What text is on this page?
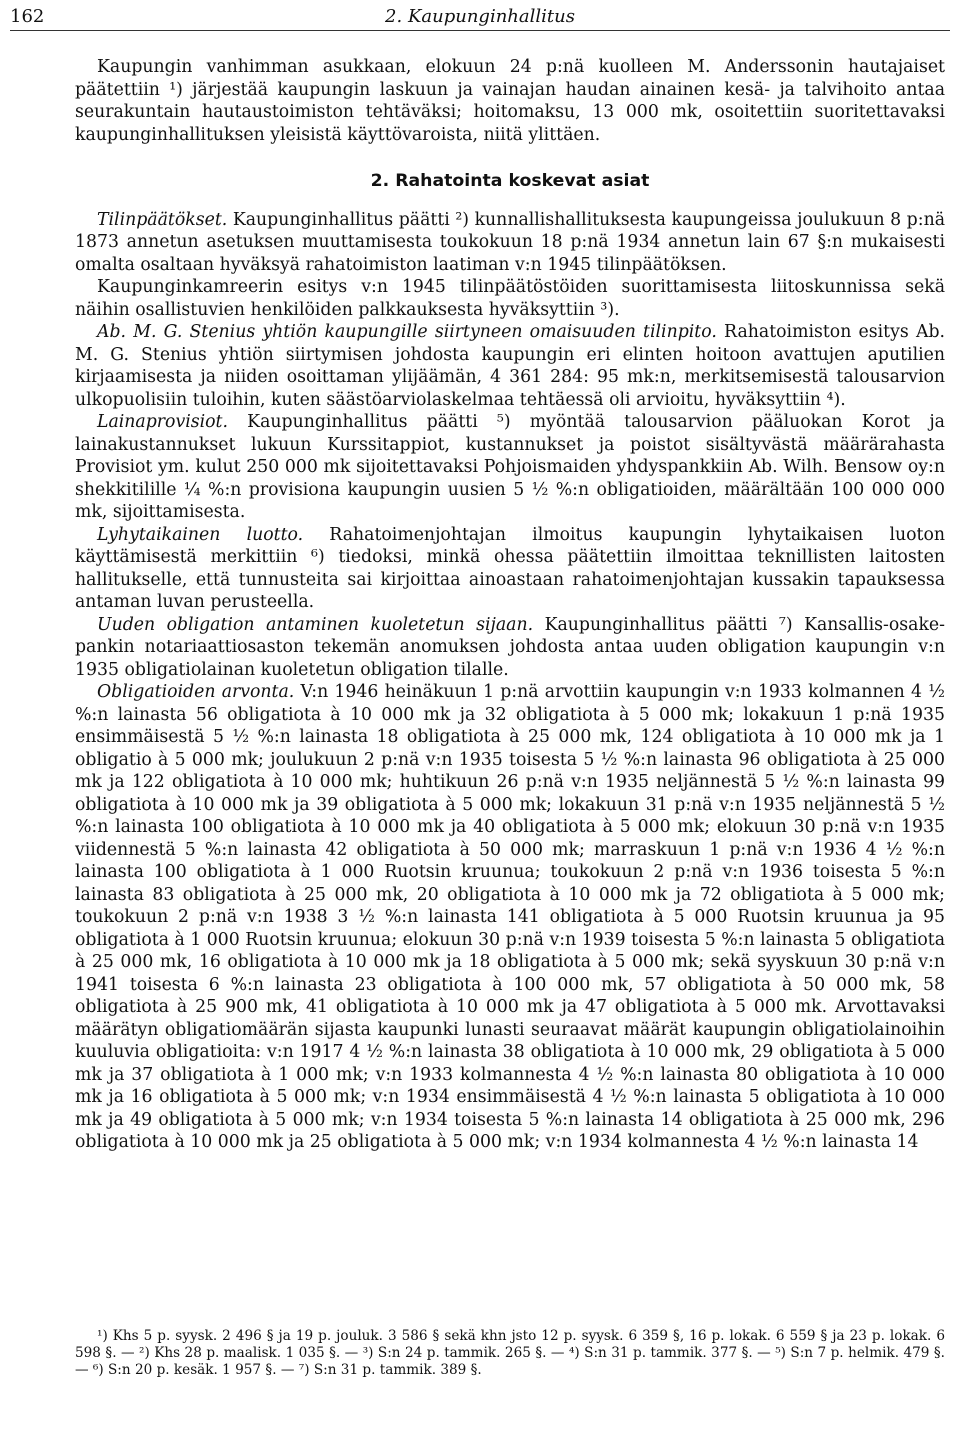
162	2. Kaupunginhallitus

Kaupungin vanhimman asukkaan, elokuun 24 p:nä kuolleen M. Anderssonin hautajaiset päätettiin ¹) järjestää kaupungin laskuun ja vainajan haudan ainainen kesä- ja talvihoito antaa seurakuntain hautaustoimiston tehtäväksi; hoitomaksu, 13 000 mk, osoitettiin suoritettavaksi kaupunginhallituksen yleisistä käyttövaroista, niitä ylittäen.

2. Rahatointa koskevat asiat

Tilinpäätökset. Kaupunginhallitus päätti ²) kunnallishallituksesta kaupungeissa joulukuun 8 p:nä 1873 annetun asetuksen muuttamisesta toukokuun 18 p:nä 1934 annetun lain 67 §:n mukaisesti omalta osaltaan hyväksyä rahatoimiston laatiman v:n 1945 tilinpäätöksen.

Kaupunginkamreerin esitys v:n 1945 tilinpäätöstöiden suorittamisesta liitoskunnissa sekä näihin osallistuvien henkilöiden palkkauksesta hyväksyttiin ³).

Ab. M. G. Stenius yhtiön kaupungille siirtyneen omaisuuden tilinpito. Rahatoimiston esitys Ab. M. G. Stenius yhtiön siirtymisen johdosta kaupungin eri elinten hoitoon avattujen aputilien kirjaamisesta ja niiden osoittaman ylijäämän, 4 361 284: 95 mk:n, merkitsemisestä talousarvion ulkopuolisiin tuloihin, kuten säästöarviolaskelmaa tehtäessä oli arvioitu, hyväksyttiin ⁴).

Lainaprovisiot. Kaupunginhallitus päätti ⁵) myöntää talousarvion pääluokan Korot ja lainakustannukset lukuun Kurssitappiot, kustannukset ja poistot sisältyvästä määrärahasta Provisiot ym. kulut 250 000 mk sijoitettavaksi Pohjoismaiden yhdyspankkiin Ab. Wilh. Bensow oy:n shekkitilille ¼ %:n provisiona kaupungin uusien 5 ½ %:n obligatioiden, määrältään 100 000 000 mk, sijoittamisesta.

Lyhytaikainen luotto. Rahatoimenjohtajan ilmoitus kaupungin lyhytaikaisen luoton käyttämisestä merkittiin ⁶) tiedoksi, minkä ohessa päätettiin ilmoittaa teknillisten laitosten hallitukselle, että tunnusteita sai kirjoittaa ainoastaan rahatoimenjohtajan kussakin tapauksessa antaman luvan perusteella.

Uuden obligation antaminen kuoletetun sijaan. Kaupunginhallitus päätti ⁷) Kansallis-osake-pankin notariaattiosaston tekemän anomuksen johdosta antaa uuden obligation kaupungin v:n 1935 obligatiolainan kuoletetun obligation tilalle.

Obligatioiden arvonta. V:n 1946 heinäkuun 1 p:nä arvottiin kaupungin v:n 1933 kolmannen 4 ½ %:n lainasta 56 obligatiota à 10 000 mk ja 32 obligatiota à 5 000 mk; lokakuun 1 p:nä 1935 ensimmäisestä 5 ½ %:n lainasta 18 obligatiota à 25 000 mk, 124 obligatiota à 10 000 mk ja 1 obligatio à 5 000 mk; joulukuun 2 p:nä v:n 1935 toisesta 5 ½ %:n lainasta 96 obligatiota à 25 000 mk ja 122 obligatiota à 10 000 mk; huhtikuun 26 p:nä v:n 1935 neljännestä 5 ½ %:n lainasta 99 obligatiota à 10 000 mk ja 39 obligatiota à 5 000 mk; lokakuun 31 p:nä v:n 1935 neljännestä 5 ½ %:n lainasta 100 obligatiota à 10 000 mk ja 40 obligatiota à 5 000 mk; elokuun 30 p:nä v:n 1935 viidennestä 5 %:n lainasta 42 obligatiota à 50 000 mk; marraskuun 1 p:nä v:n 1936 4 ½ %:n lainasta 100 obligatiota à 1 000 Ruotsin kruunua; toukokuun 2 p:nä v:n 1936 toisesta 5 %:n lainasta 83 obligatiota à 25 000 mk, 20 obligatiota à 10 000 mk ja 72 obligatiota à 5 000 mk; toukokuun 2 p:nä v:n 1938 3 ½ %:n lainasta 141 obligatiota à 5 000 Ruotsin kruunua ja 95 obligatiota à 1 000 Ruotsin kruunua; elokuun 30 p:nä v:n 1939 toisesta 5 %:n lainasta 5 obligatiota à 25 000 mk, 16 obligatiota à 10 000 mk ja 18 obligatiota à 5 000 mk; sekä syyskuun 30 p:nä v:n 1941 toisesta 6 %:n lainasta 23 obligatiota à 100 000 mk, 57 obligatiota à 50 000 mk, 58 obligatiota à 25 900 mk, 41 obligatiota à 10 000 mk ja 47 obligatiota à 5 000 mk. Arvottavaksi määrätyn obligatiomäärän sijasta kaupunki lunasti seuraavat määrät kaupungin obligatiolainoihin kuuluvia obligatioita: v:n 1917 4 ½ %:n lainasta 38 obligatiota à 10 000 mk, 29 obligatiota à 5 000 mk ja 37 obligatiota à 1 000 mk; v:n 1933 kolmannesta 4 ½ %:n lainasta 80 obligatiota à 10 000 mk ja 16 obligatiota à 5 000 mk; v:n 1934 ensimmäisestä 4 ½ %:n lainasta 5 obligatiota à 10 000 mk ja 49 obligatiota à 5 000 mk; v:n 1934 toisesta 5 %:n lainasta 14 obligatiota à 25 000 mk, 296 obligatiota à 10 000 mk ja 25 obligatiota à 5 000 mk; v:n 1934 kolmannesta 4 ½ %:n lainasta 14

¹) Khs 5 p. syysk. 2 496 § ja 19 p. jouluk. 3 586 § sekä khn jsto 12 p. syysk. 6 359 §, 16 p. lokak. 6 559 § ja 23 p. lokak. 6 598 §. — ²) Khs 28 p. maalisk. 1 035 §. — ³) S:n 24 p. tammik. 265 §. — ⁴) S:n 31 p. tammik. 377 §. — ⁵) S:n 7 p. helmik. 479 §. — ⁶) S:n 20 p. kesäk. 1 957 §. — ⁷) S:n 31 p. tammik. 389 §.
